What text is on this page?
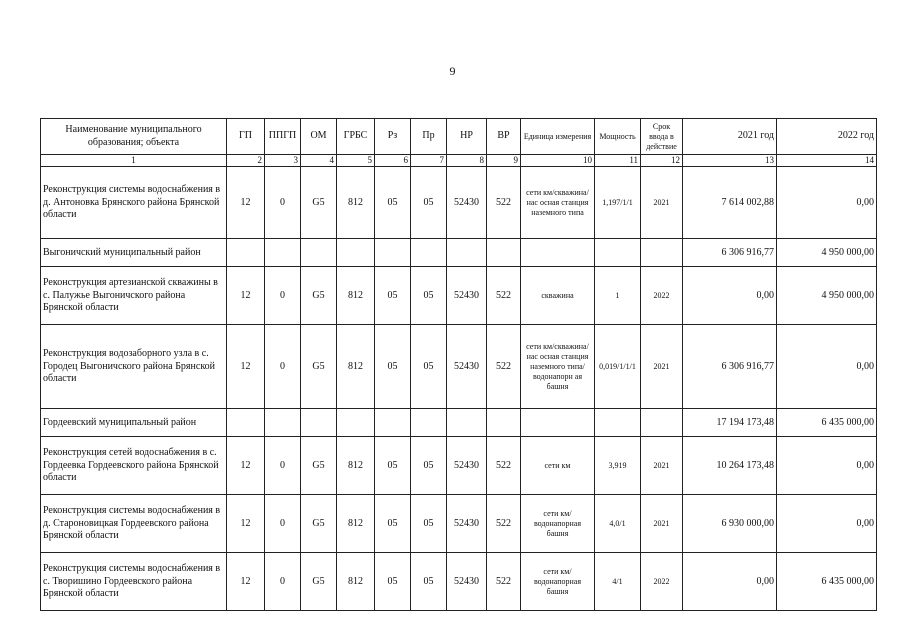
9
Наименование муниципального образования; объекта	ГП	ППГП	ОМ	ГРБС	Рз	Пр	НР	ВР	Единица измерения	Мощность	Срок ввода в действие	2021 год	2022 год
1	2	3	4	5	6	7	8	9	10	11	12	13	14
Реконструкция системы водоснабжения в д. Антоновка Брянского района Брянской области	12	0	G5	812	05	05	52430	522	сети км/скважина/нас осная станция наземного типа	1,197/1/1	2021	7 614 002,88	0,00
Выгоничский муниципальный район												6 306 916,77	4 950 000,00
Реконструкция артезианской скважины в с. Палужье Выгоничского района Брянской области	12	0	G5	812	05	05	52430	522	скважина	1	2022	0,00	4 950 000,00
Реконструкция водозаборного узла в с. Городец Выгоничского района Брянской области	12	0	G5	812	05	05	52430	522	сети км/скважина/нас осная станция наземного типа/водонапорн ая башня	0,019/1/1/1	2021	6 306 916,77	0,00
Гордеевский муниципальный район												17 194 173,48	6 435 000,00
Реконструкция сетей водоснабжения в с. Гордеевка Гордеевского района Брянской области	12	0	G5	812	05	05	52430	522	сети км	3,919	2021	10 264 173,48	0,00
Реконструкция системы водоснабжения в д. Староновицкая Гордеевского района Брянской области	12	0	G5	812	05	05	52430	522	сети км/водонапорная башня	4,0/1	2021	6 930 000,00	0,00
Реконструкция системы водоснабжения в с. Творишино Гордеевского района Брянской области	12	0	G5	812	05	05	52430	522	сети км/водонапорная башня	4/1	2022	0,00	6 435 000,00
